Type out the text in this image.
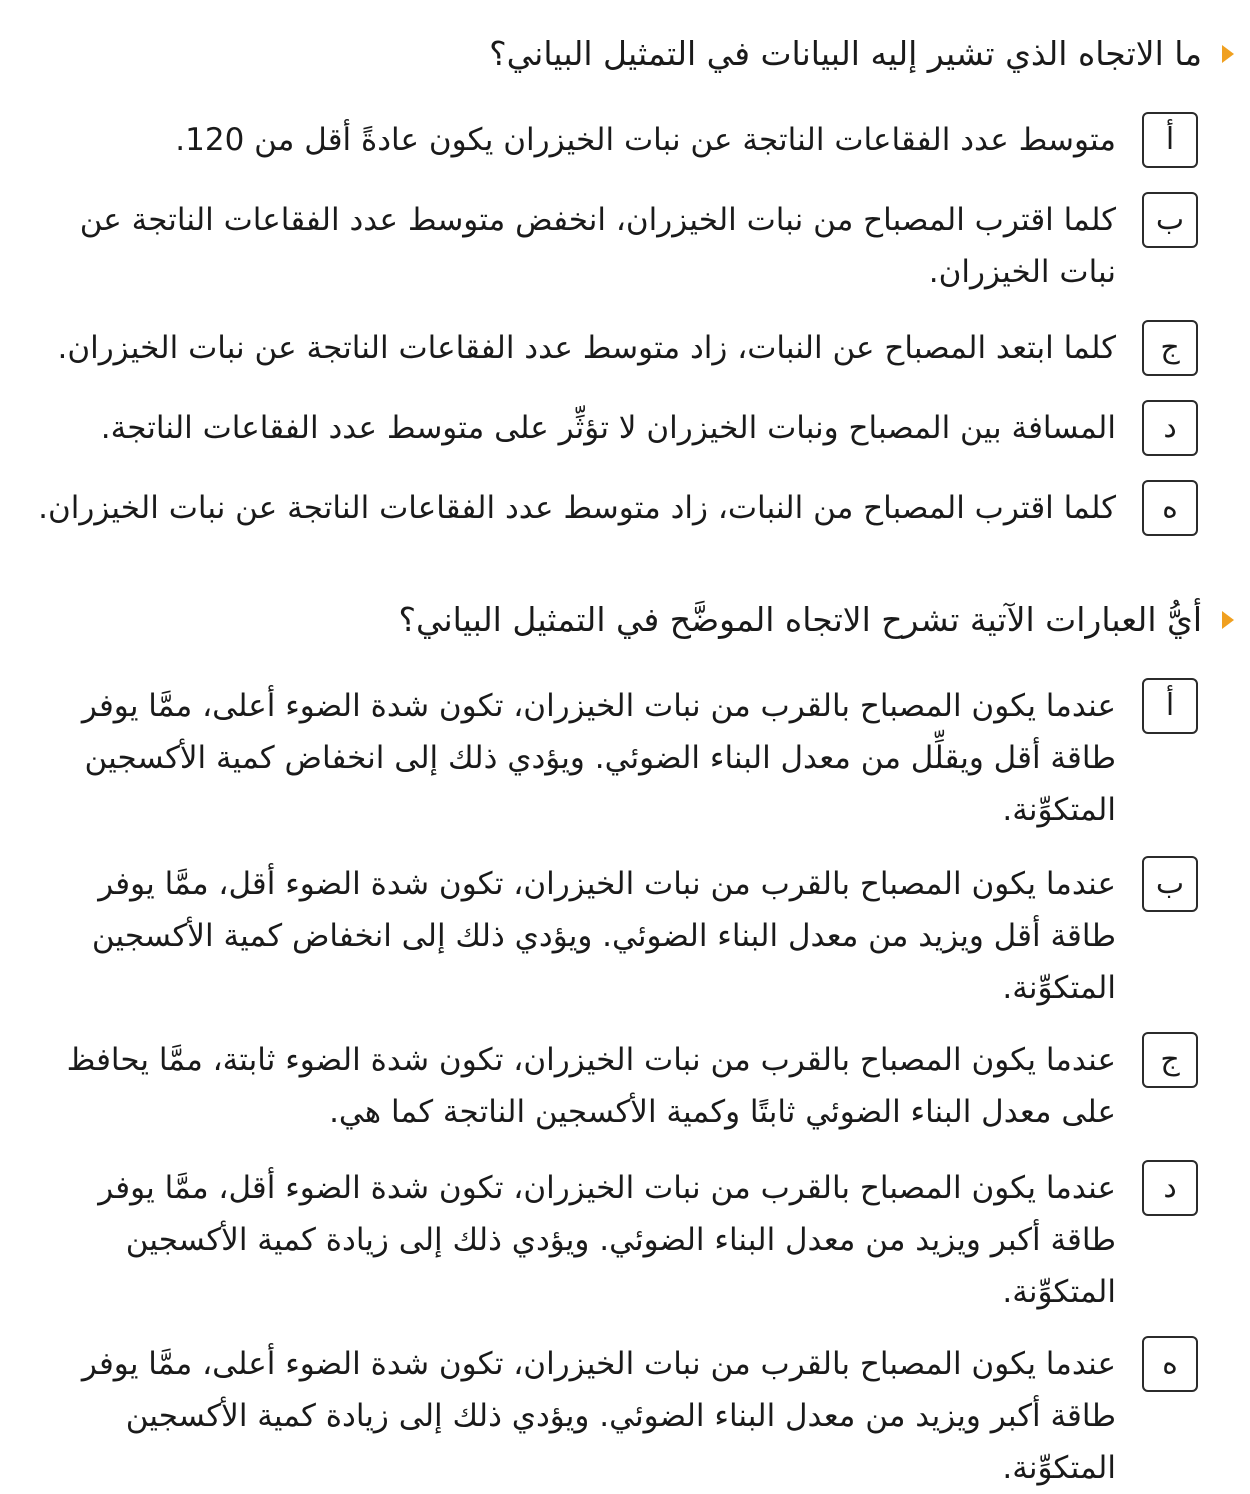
ما الاتجاه الذي تشير إليه البيانات في التمثيل البياني؟
أ
متوسط عدد الفقاعات الناتجة عن نبات الخيزران يكون عادةً أقل من 120.
ب
كلما اقترب المصباح من نبات الخيزران، انخفض متوسط عدد الفقاعات الناتجة عن نبات الخيزران.
ج
كلما ابتعد المصباح عن النبات، زاد متوسط عدد الفقاعات الناتجة عن نبات الخيزران.
د
المسافة بين المصباح ونبات الخيزران لا تؤثِّر على متوسط عدد الفقاعات الناتجة.
ه
كلما اقترب المصباح من النبات، زاد متوسط عدد الفقاعات الناتجة عن نبات الخيزران.
أيُّ العبارات الآتية تشرح الاتجاه الموضَّح في التمثيل البياني؟
أ
عندما يكون المصباح بالقرب من نبات الخيزران، تكون شدة الضوء أعلى، ممَّا يوفر طاقة أقل ويقلِّل من معدل البناء الضوئي. ويؤدي ذلك إلى انخفاض كمية الأكسجين المتكوِّنة.
ب
عندما يكون المصباح بالقرب من نبات الخيزران، تكون شدة الضوء أقل، ممَّا يوفر طاقة أقل ويزيد من معدل البناء الضوئي. ويؤدي ذلك إلى انخفاض كمية الأكسجين المتكوِّنة.
ج
عندما يكون المصباح بالقرب من نبات الخيزران، تكون شدة الضوء ثابتة، ممَّا يحافظ على معدل البناء الضوئي ثابتًا وكمية الأكسجين الناتجة كما هي.
د
عندما يكون المصباح بالقرب من نبات الخيزران، تكون شدة الضوء أقل، ممَّا يوفر طاقة أكبر ويزيد من معدل البناء الضوئي. ويؤدي ذلك إلى زيادة كمية الأكسجين المتكوِّنة.
ه
عندما يكون المصباح بالقرب من نبات الخيزران، تكون شدة الضوء أعلى، ممَّا يوفر طاقة أكبر ويزيد من معدل البناء الضوئي. ويؤدي ذلك إلى زيادة كمية الأكسجين المتكوِّنة.
